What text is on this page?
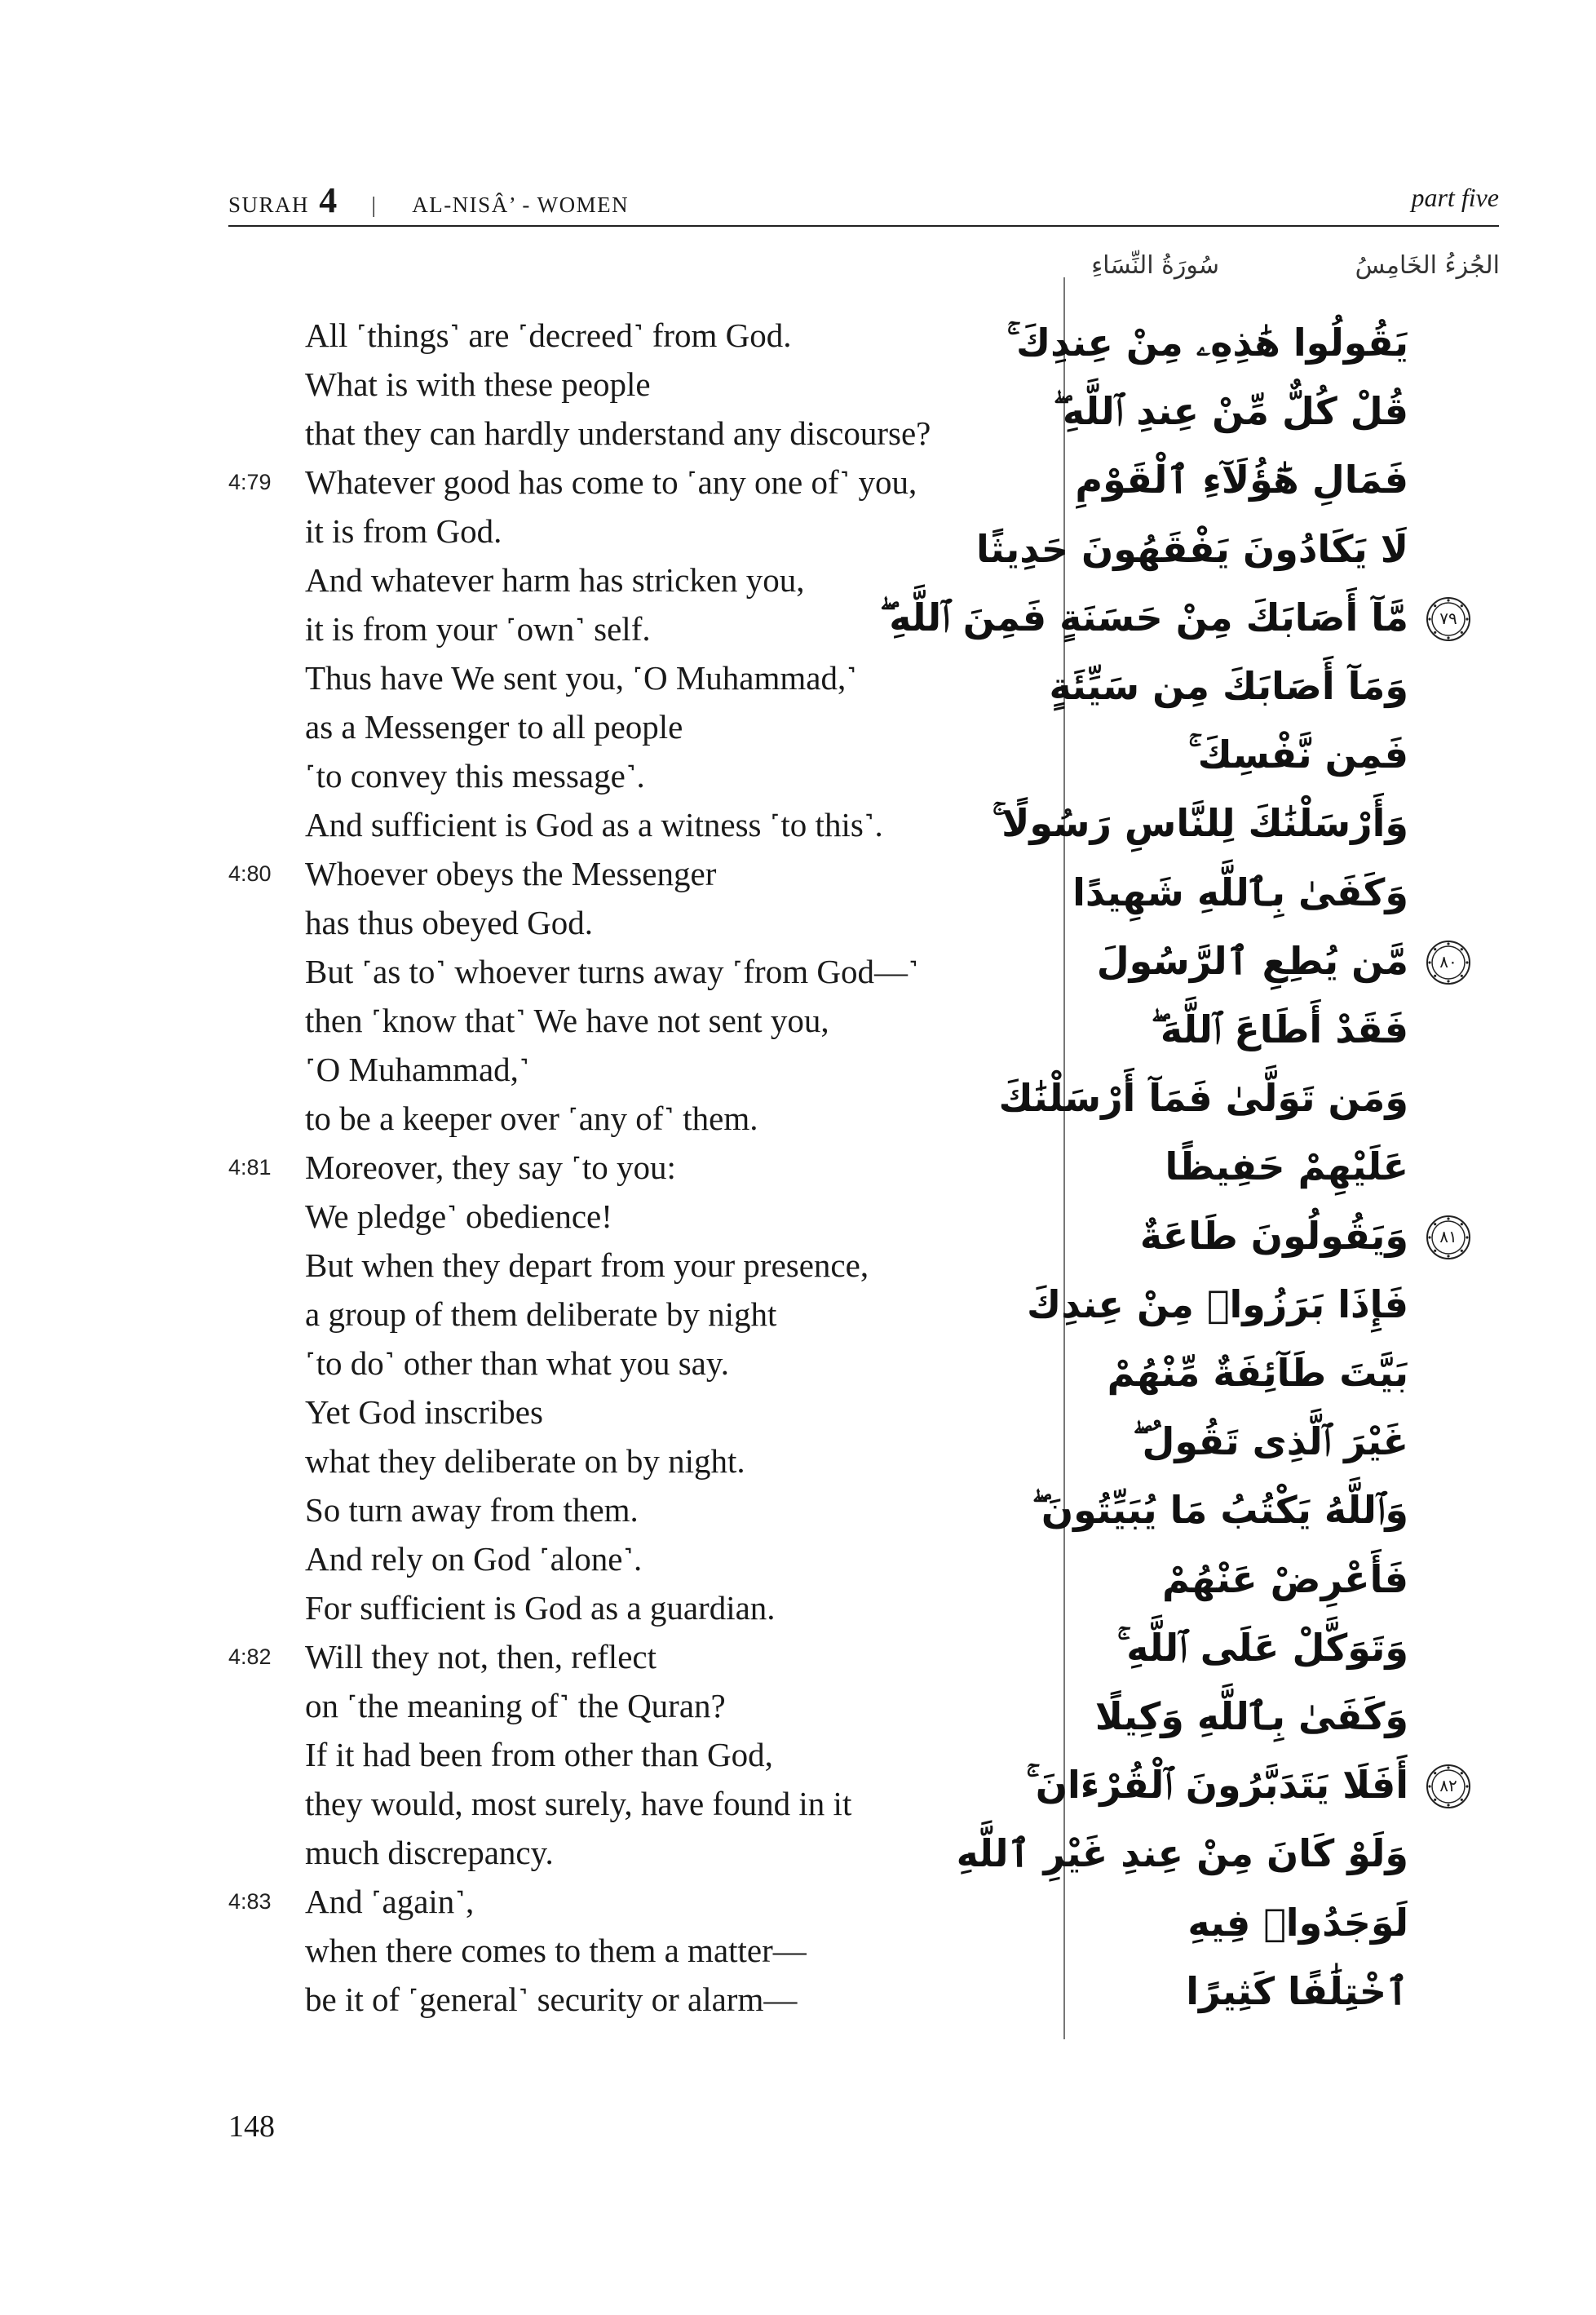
SURAH 4 | AL-NISÂ’ - WOMEN	part five
الجُزءُ الخَامِسُ
سُورَةُ النِّسَاءِ
All ˹things˺ are ˹decreed˺ from God.
What is with these people
that they can hardly understand any discourse?
4:79 Whatever good has come to ˹any one of˺ you,
it is from God.
And whatever harm has stricken you,
it is from your ˹own˺ self.
Thus have We sent you, ˹O Muhammad,˺
as a Messenger to all people
˹to convey this message˺.
And sufficient is God as a witness ˹to this˺.
4:80 Whoever obeys the Messenger
has thus obeyed God.
But ˹as to˺ whoever turns away ˹from God—˺
then ˹know that˺ We have not sent you,
˹O Muhammad,˺
to be a keeper over ˹any of˺ them.
4:81 Moreover, they say ˹to you:
We pledge˺ obedience!
But when they depart from your presence,
a group of them deliberate by night
˹to do˺ other than what you say.
Yet God inscribes
what they deliberate on by night.
So turn away from them.
And rely on God ˹alone˺.
For sufficient is God as a guardian.
4:82 Will they not, then, reflect
on ˹the meaning of˺ the Quran?
If it had been from other than God,
they would, most surely, have found in it
much discrepancy.
4:83 And ˹again˺,
when there comes to them a matter—
be it of ˹general˺ security or alarm—
يَقُولُوا هَٰذِهِۦ مِنْ عِندِكَ ۚ
قُلْ كُلٌّ مِّنْ عِندِ ٱللَّهِ ۖ
فَمَالِ هَٰٓؤُلَآءِ ٱلْقَوْمِ
لَا يَكَادُونَ يَفْقَهُونَ حَدِيثًا
مَّآ أَصَابَكَ مِنْ حَسَنَةٍ فَمِنَ ٱللَّهِ ۖ	٧٩
وَمَآ أَصَابَكَ مِن سَيِّئَةٍ
فَمِن نَّفْسِكَ ۚ
وَأَرْسَلْنَٰكَ لِلنَّاسِ رَسُولًا ۚ
وَكَفَىٰ بِٱللَّهِ شَهِيدًا
مَّن يُطِعِ ٱلرَّسُولَ	٨٠
فَقَدْ أَطَاعَ ٱللَّهَ ۖ
وَمَن تَوَلَّىٰ فَمَآ أَرْسَلْنَٰكَ
عَلَيْهِمْ حَفِيظًا
وَيَقُولُونَ طَاعَةٌ	٨١
فَإِذَا بَرَزُوا۟ مِنْ عِندِكَ
بَيَّتَ طَآئِفَةٌ مِّنْهُمْ
غَيْرَ ٱلَّذِى تَقُولُ ۖ
وَٱللَّهُ يَكْتُبُ مَا يُبَيِّتُونَ ۖ
فَأَعْرِضْ عَنْهُمْ
وَتَوَكَّلْ عَلَى ٱللَّهِ ۚ
وَكَفَىٰ بِٱللَّهِ وَكِيلًا
أَفَلَا يَتَدَبَّرُونَ ٱلْقُرْءَانَ ۚ	٨٢
وَلَوْ كَانَ مِنْ عِندِ غَيْرِ ٱللَّهِ
لَوَجَدُوا۟ فِيهِ
ٱخْتِلَٰفًا كَثِيرًا
148
